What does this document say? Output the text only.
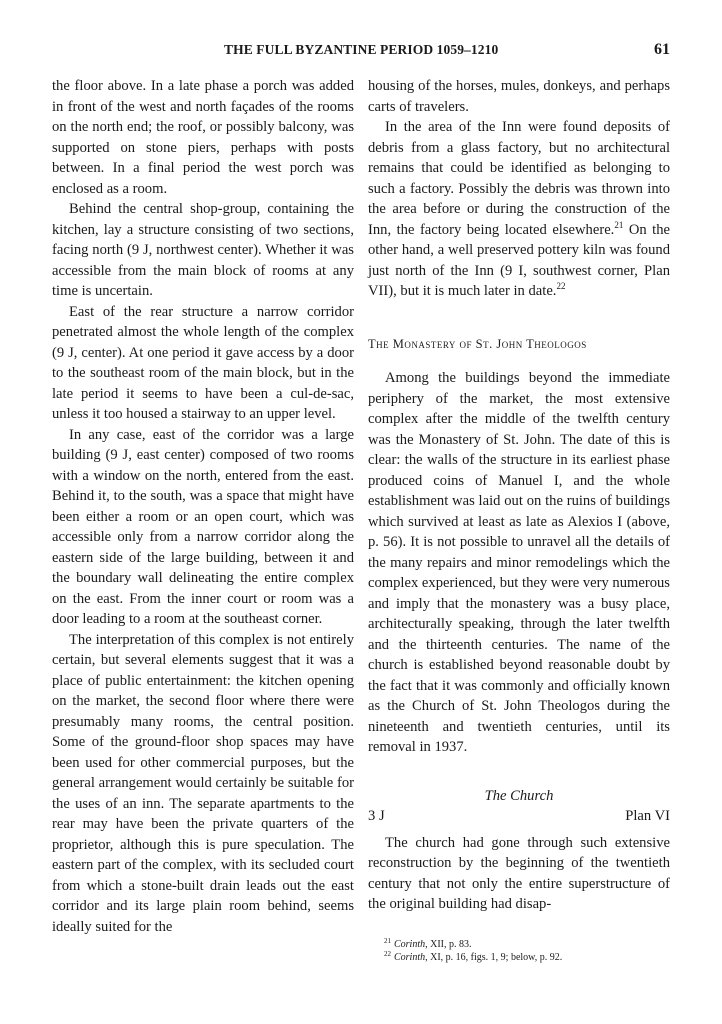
THE FULL BYZANTINE PERIOD 1059–1210	61

the floor above. In a late phase a porch was added in front of the west and north façades of the rooms on the north end; the roof, or possibly balcony, was supported on stone piers, perhaps with posts between. In a final period the west porch was enclosed as a room.

Behind the central shop-group, containing the kitchen, lay a structure consisting of two sections, facing north (9 J, northwest center). Whether it was accessible from the main block of rooms at any time is uncertain.

East of the rear structure a narrow corridor penetrated almost the whole length of the complex (9 J, center). At one period it gave access by a door to the southeast room of the main block, but in the late period it seems to have been a cul-de-sac, unless it too housed a stairway to an upper level.

In any case, east of the corridor was a large building (9 J, east center) composed of two rooms with a window on the north, entered from the east. Behind it, to the south, was a space that might have been either a room or an open court, which was accessible only from a narrow corridor along the eastern side of the large building, between it and the boundary wall delineating the entire complex on the east. From the inner court or room was a door leading to a room at the southeast corner.

The interpretation of this complex is not entirely certain, but several elements suggest that it was a place of public entertainment: the kitchen opening on the market, the second floor where there were presumably many rooms, the central position. Some of the ground-floor shop spaces may have been used for other commercial purposes, but the general arrangement would certainly be suitable for the uses of an inn. The separate apartments to the rear may have been the private quarters of the proprietor, although this is pure speculation. The eastern part of the complex, with its secluded court from which a stone-built drain leads out the east corridor and its large plain room behind, seems ideally suited for the

housing of the horses, mules, donkeys, and perhaps carts of travelers.

In the area of the Inn were found deposits of debris from a glass factory, but no architectural remains that could be identified as belonging to such a factory. Possibly the debris was thrown into the area before or during the construction of the Inn, the factory being located elsewhere.$^{21}$ On the other hand, a well preserved pottery kiln was found just north of the Inn (9 I, southwest corner, Plan VII), but it is much later in date.$^{22}$

The Monastery of St. John Theologos

Among the buildings beyond the immediate periphery of the market, the most extensive complex after the middle of the twelfth century was the Monastery of St. John. The date of this is clear: the walls of the structure in its earliest phase produced coins of Manuel I, and the whole establishment was laid out on the ruins of buildings which survived at least as late as Alexios I (above, p. 56). It is not possible to unravel all the details of the many repairs and minor remodelings which the complex experienced, but they were very numerous and imply that the monastery was a busy place, architecturally speaking, through the later twelfth and the thirteenth centuries. The name of the church is established beyond reasonable doubt by the fact that it was commonly and officially known as the Church of St. John Theologos during the nineteenth and twentieth centuries, until its removal in 1937.

The Church

3 J	Plan VI

The church had gone through such extensive reconstruction by the beginning of the twentieth century that not only the entire superstructure of the original building had disap-

$^{21}$ Corinth, XII, p. 83.

$^{22}$ Corinth, XI, p. 16, figs. 1, 9; below, p. 92.
